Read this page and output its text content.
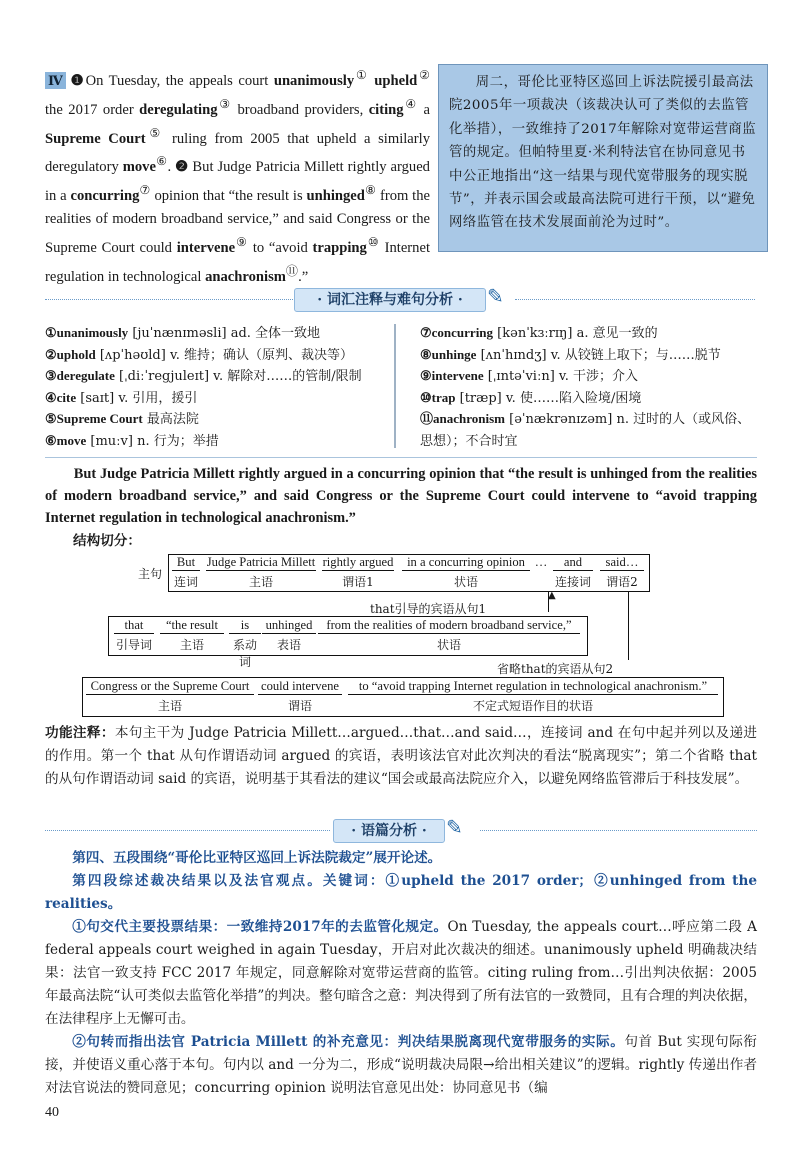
Ⅳ ❶On Tuesday, the appeals court unanimously① upheld② the 2017 order deregulating③ broadband providers, citing④ a Supreme Court⑤ ruling from 2005 that upheld a similarly deregulatory move⑥. ❷ But Judge Patricia Millett rightly argued in a concurring⑦ opinion that “the result is unhinged⑧ from the realities of modern broadband service,” and said Congress or the Supreme Court could intervene⑨ to “avoid trapping⑩ Internet regulation in technological anachronism⑪.”
周二，哥伦比亚特区巡回上诉法院援引最高法院2005年一项裁决（该裁决认可了类似的去监管化举措），一致维持了2017年解除对宽带运营商监管的规定。但帕特里夏·米利特法官在协同意见书中公正地指出“这一结果与现代宽带服务的现实脱节”，并表示国会或最高法院可进行干预，以“避免网络监管在技术发展面前沦为过时”。
· 词汇注释与难句分析 ·	✎
①unanimously [juˈnænɪməsli] ad. 全体一致地
②uphold [ʌpˈhəʊld] v. 维持；确认（原判、裁决等）
③deregulate [ˌdiːˈregjuleɪt] v. 解除对……的管制/限制
④cite [saɪt] v. 引用，援引
⑤Supreme Court 最高法院
⑥move [muːv] n. 行为；举措
⑦concurring [kənˈkɜːrɪŋ] a. 意见一致的
⑧unhinge [ʌnˈhɪndʒ] v. 从铰链上取下；与……脱节
⑨intervene [ˌɪntəˈviːn] v. 干涉；介入
⑩trap [træp] v. 使……陷入险境/困境
⑪anachronism [əˈnækrənɪzəm] n. 过时的人（或风俗、
思想）；不合时宜
But Judge Patricia Millett rightly argued in a concurring opinion that “the result is unhinged from the realities of modern broadband service,” and said Congress or the Supreme Court could intervene to “avoid trapping Internet regulation in technological anachronism.”
结构切分：
主句
But
连词
Judge Patricia Millett
主语
rightly argued
谓语1
in a concurring opinion
状语
…	and
连接词
said…
谓语2
that引导的宾语从句1
▲
that
引导词
“the result
主语
is
系动词
unhinged
表语
from the realities of modern broadband service,”
状语
省略that的宾语从句2
Congress or the Supreme Court
主语
could intervene
谓语
to “avoid trapping Internet regulation in technological anachronism.”
不定式短语作目的状语
功能注释：本句主干为 Judge Patricia Millett…argued…that…and said…，连接词 and 在句中起并列以及递进的作用。第一个 that 从句作谓语动词 argued 的宾语，表明该法官对此次判决的看法“脱离现实”；第二个省略 that 的从句作谓语动词 said 的宾语，说明基于其看法的建议“国会或最高法院应介入，以避免网络监管滞后于科技发展”。
· 语篇分析 · ✎
第四、五段围绕“哥伦比亚特区巡回上诉法院裁定”展开论述。
第四段综述裁决结果以及法官观点。关键词：①upheld the 2017 order；②unhinged from the realities。
①句交代主要投票结果：一致维持2017年的去监管化规定。On Tuesday, the appeals court…呼应第二段 A federal appeals court weighed in again Tuesday，开启对此次裁决的细述。unanimously upheld 明确裁决结果：法官一致支持 FCC 2017 年规定，同意解除对宽带运营商的监管。citing ruling from…引出判决依据：2005 年最高法院“认可类似去监管化举措”的判决。整句暗含之意：判决得到了所有法官的一致赞同，且有合理的判决依据，在法律程序上无懈可击。
②句转而指出法官 Patricia Millett 的补充意见：判决结果脱离现代宽带服务的实际。句首 But 实现句际衔接，并使语义重心落于本句。句内以 and 一分为二，形成“说明裁决局限→给出相关建议”的逻辑。rightly 传递出作者对法官说法的赞同意见；concurring opinion 说明法官意见出处：协同意见书（编
40
